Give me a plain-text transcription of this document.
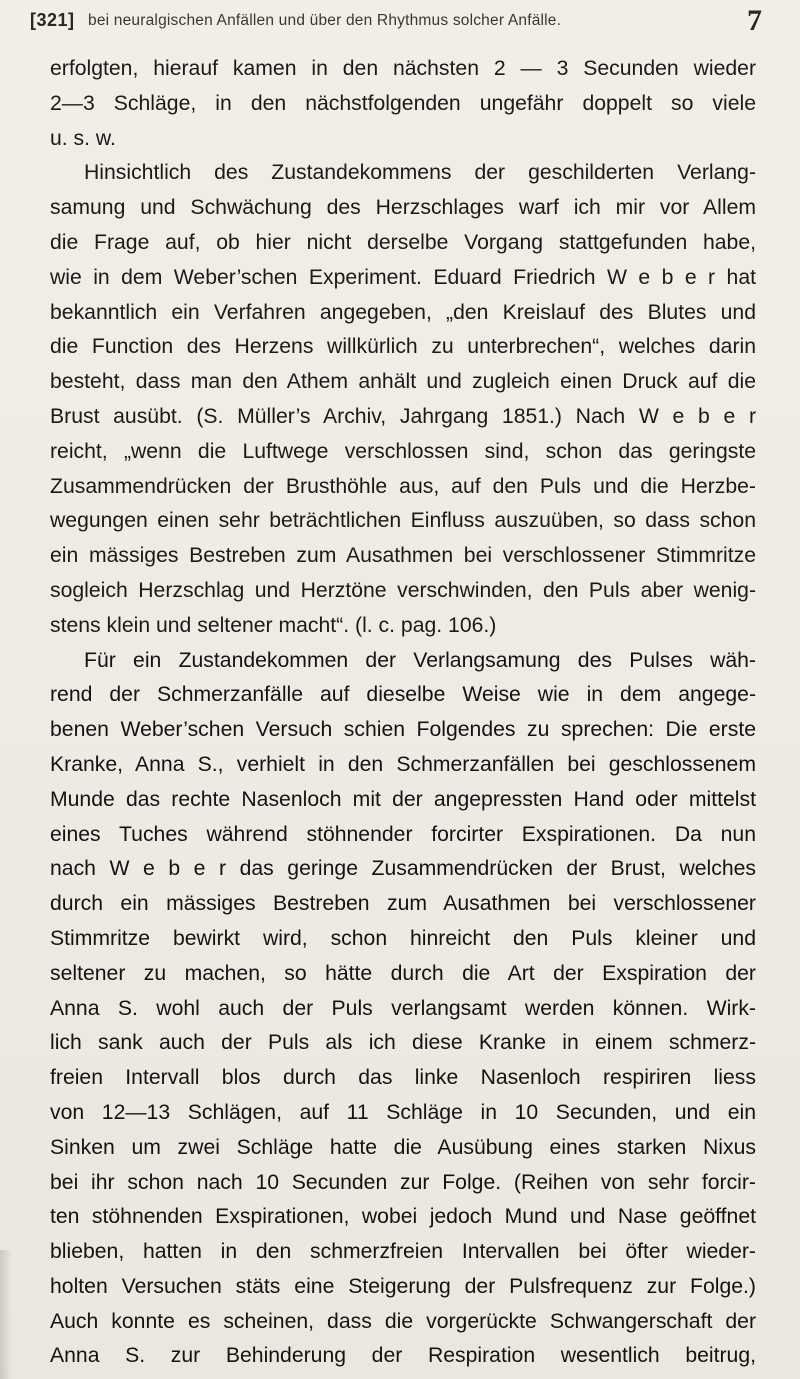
[321] bei neuralgischen Anfällen und über den Rhythmus solcher Anfälle.	7
erfolgten, hierauf kamen in den nächsten 2 — 3 Secunden wieder
2—3 Schläge, in den nächstfolgenden ungefähr doppelt so viele
u. s. w.
Hinsichtlich des Zustandekommens der geschilderten Verlang-
samung und Schwächung des Herzschlages warf ich mir vor Allem
die Frage auf, ob hier nicht derselbe Vorgang stattgefunden habe,
wie in dem Weber’schen Experiment. Eduard Friedrich W e b e r hat
bekanntlich ein Verfahren angegeben, „den Kreislauf des Blutes und
die Function des Herzens willkürlich zu unterbrechen“, welches darin
besteht, dass man den Athem anhält und zugleich einen Druck auf die
Brust ausübt. (S. Müller’s Archiv, Jahrgang 1851.) Nach W e b e r
reicht, „wenn die Luftwege verschlossen sind, schon das geringste
Zusammendrücken der Brusthöhle aus, auf den Puls und die Herzbe-
wegungen einen sehr beträchtlichen Einfluss auszuüben, so dass schon
ein mässiges Bestreben zum Ausathmen bei verschlossener Stimmritze
sogleich Herzschlag und Herztöne verschwinden, den Puls aber wenig-
stens klein und seltener macht“. (l. c. pag. 106.)
Für ein Zustandekommen der Verlangsamung des Pulses wäh-
rend der Schmerzanfälle auf dieselbe Weise wie in dem angege-
benen Weber’schen Versuch schien Folgendes zu sprechen: Die erste
Kranke, Anna S., verhielt in den Schmerzanfällen bei geschlossenem
Munde das rechte Nasenloch mit der angepressten Hand oder mittelst
eines Tuches während stöhnender forcirter Exspirationen. Da nun
nach W e b e r das geringe Zusammendrücken der Brust, welches
durch ein mässiges Bestreben zum Ausathmen bei verschlossener
Stimmritze bewirkt wird, schon hinreicht den Puls kleiner und
seltener zu machen, so hätte durch die Art der Exspiration der
Anna S. wohl auch der Puls verlangsamt werden können. Wirk-
lich sank auch der Puls als ich diese Kranke in einem schmerz-
freien Intervall blos durch das linke Nasenloch respiriren liess
von 12—13 Schlägen, auf 11 Schläge in 10 Secunden, und ein
Sinken um zwei Schläge hatte die Ausübung eines starken Nixus
bei ihr schon nach 10 Secunden zur Folge. (Reihen von sehr forcir-
ten stöhnenden Exspirationen, wobei jedoch Mund und Nase geöffnet
blieben, hatten in den schmerzfreien Intervallen bei öfter wieder-
holten Versuchen stäts eine Steigerung der Pulsfrequenz zur Folge.)
Auch konnte es scheinen, dass die vorgerückte Schwangerschaft der
Anna S. zur Behinderung der Respiration wesentlich beitrug,
